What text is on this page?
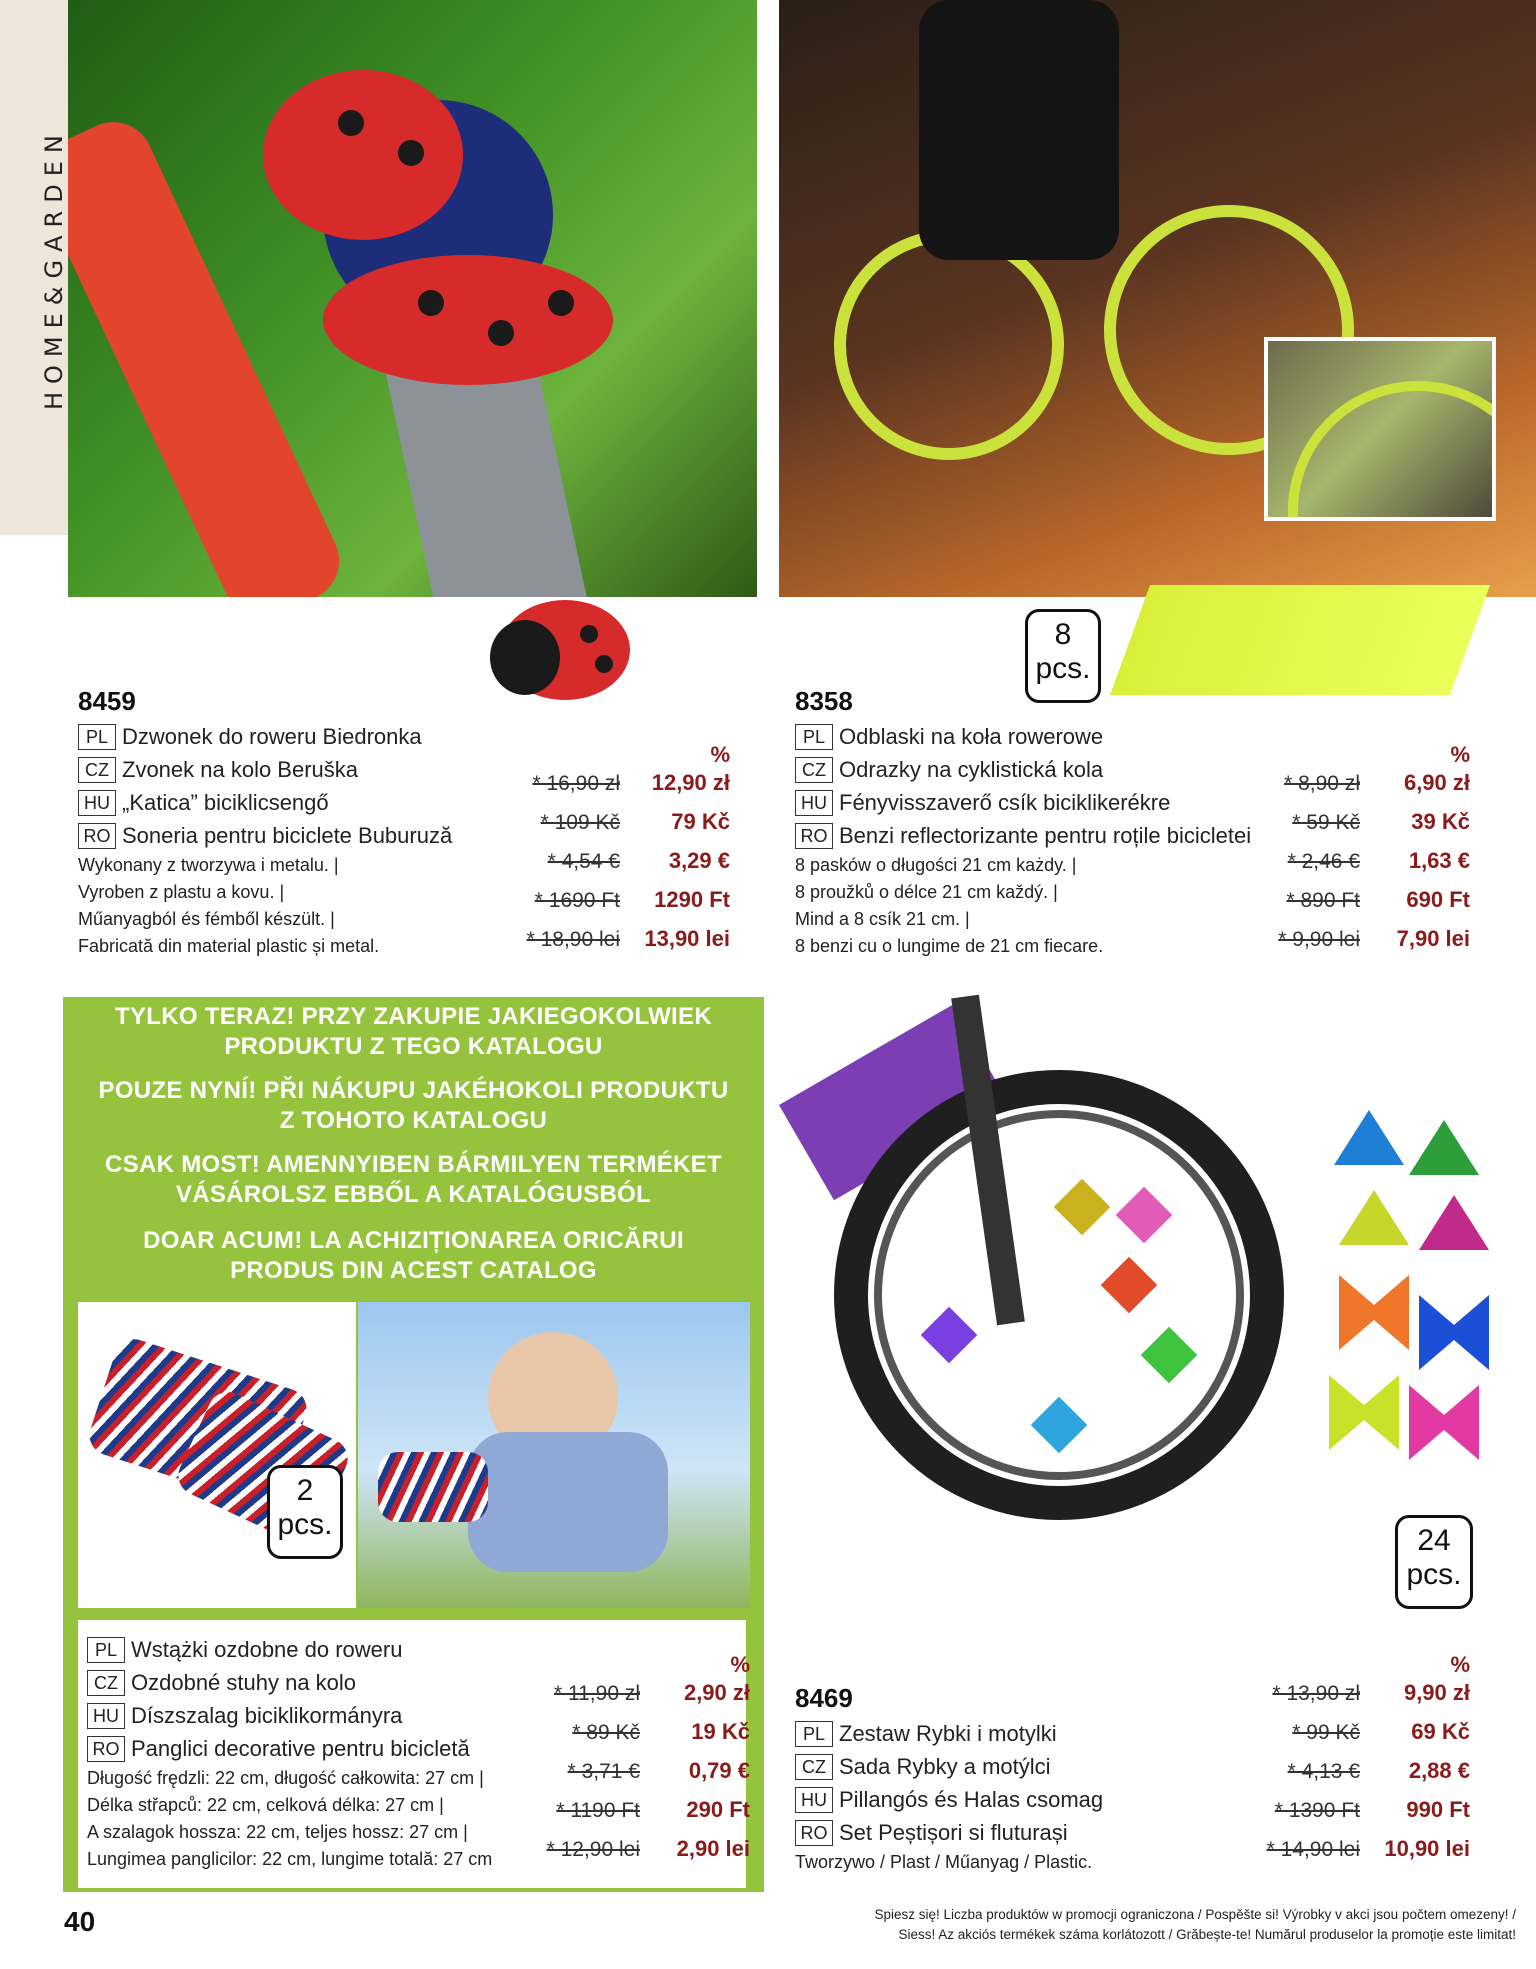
HOME&GARDEN
8
pcs.
8459
PL Dzwonek do roweru Biedronka
CZ Zvonek na kolo Beruška
HU „Katica” biciklicsengő
RO Soneria pentru biciclete Buburuză
Wykonany z tworzywa i metalu. |
Vyroben z plastu a kovu. |
Műanyagból és fémből készült. |
Fabricată din material plastic și metal.
%
* 16,90 zł	12,90 zł
* 109 Kč	79 Kč
* 4,54 €	3,29 €
* 1690 Ft	1290 Ft
* 18,90 lei	13,90 lei
8358
PL Odblaski na koła rowerowe
CZ Odrazky na cyklistická kola
HU Fényvisszaverő csík biciklikerékre
RO Benzi reflectorizante pentru roțile bicicletei
8 pasków o długości 21 cm każdy. |
8 proužků o délce 21 cm každý. |
Mind a 8 csík 21 cm. |
8 benzi cu o lungime de 21 cm fiecare.
%
* 8,90 zł	6,90 zł
* 59 Kč	39 Kč
* 2,46 €	1,63 €
* 890 Ft	690 Ft
* 9,90 lei	7,90 lei
TYLKO TERAZ! PRZY ZAKUPIE JAKIEGOKOLWIEK
PRODUKTU Z TEGO KATALOGU
POUZE NYNÍ! PŘI NÁKUPU JAKÉHOKOLI PRODUKTU
Z TOHOTO KATALOGU
CSAK MOST! AMENNYIBEN BÁRMILYEN TERMÉKET
VÁSÁROLSZ EBBŐL A KATALÓGUSBÓL
DOAR ACUM! LA ACHIZIȚIONAREA ORICĂRUI
PRODUS DIN ACEST CATALOG
2
pcs.
PL Wstążki ozdobne do roweru
CZ Ozdobné stuhy na kolo
HU Díszszalag biciklikormányra
RO Panglici decorative pentru bicicletă
Długość frędzli: 22 cm, długość całkowita: 27 cm |
Délka střapců: 22 cm, celková délka: 27 cm |
A szalagok hossza: 22 cm, teljes hossz: 27 cm |
Lungimea panglicilor: 22 cm, lungime totală: 27 cm
%
* 11,90 zł	2,90 zł
* 89 Kč	19 Kč
* 3,71 €	0,79 €
* 1190 Ft	290 Ft
* 12,90 lei	2,90 lei
24
pcs.
8469
PL Zestaw Rybki i motylki
CZ Sada Rybky a motýlci
HU Pillangós és Halas csomag
RO Set Peștișori si fluturași
Tworzywo / Plast / Műanyag / Plastic.
%
* 13,90 zł	9,90 zł
* 99 Kč	69 Kč
* 4,13 €	2,88 €
* 1390 Ft	990 Ft
* 14,90 lei	10,90 lei
40	Spiesz się! Liczba produktów w promocji ograniczona / Pospěšte si! Výrobky v akci jsou počtem omezeny! /
Siess! Az akciós termékek száma korlátozott / Grăbește-te! Numărul produselor la promoție este limitat!
